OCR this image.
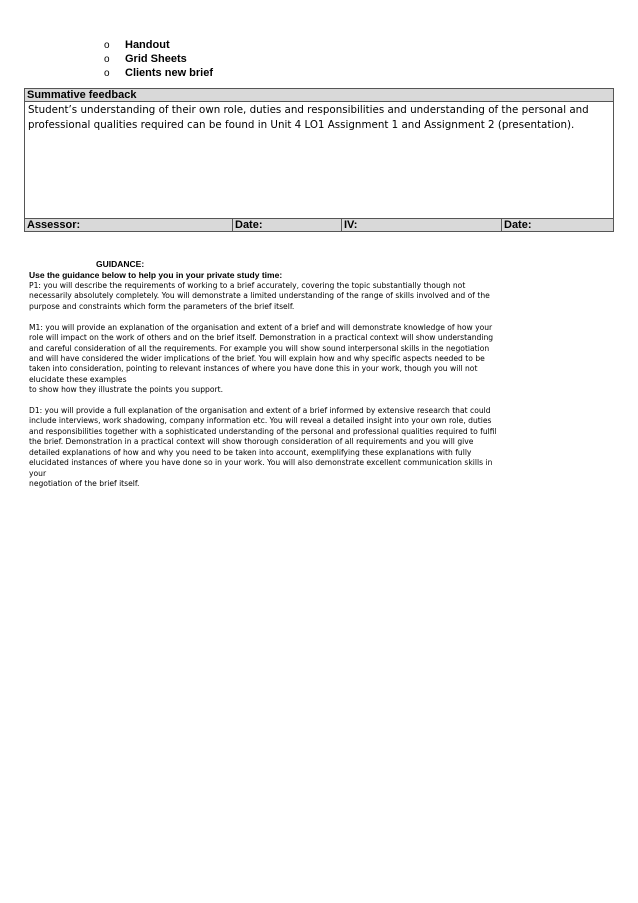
o	Handout
o	Grid Sheets
o	Clients new brief
Summative feedback
Student’s understanding of their own role, duties and responsibilities and understanding of the personal and professional qualities required can be found in Unit 4 LO1 Assignment 1 and Assignment 2 (presentation).
Assessor:	Date:	IV:	Date:
GUIDANCE:
Use the guidance below to help you in your private study time:

P1: you will describe the requirements of working to a brief accurately, covering the topic substantially though not
necessarily absolutely completely. You will demonstrate a limited understanding of the range of skills involved and of the
purpose and constraints which form the parameters of the brief itself.

M1: you will provide an explanation of the organisation and extent of a brief and will demonstrate knowledge of how your
role will impact on the work of others and on the brief itself. Demonstration in a practical context will show understanding
and careful consideration of all the requirements. For example you will show sound interpersonal skills in the negotiation
and will have considered the wider implications of the brief. You will explain how and why specific aspects needed to be
taken into consideration, pointing to relevant instances of where you have done this in your work, though you will not
elucidate these examples
to show how they illustrate the points you support.

D1: you will provide a full explanation of the organisation and extent of a brief informed by extensive research that could
include interviews, work shadowing, company information etc. You will reveal a detailed insight into your own role, duties
and responsibilities together with a sophisticated understanding of the personal and professional qualities required to fulfil
the brief. Demonstration in a practical context will show thorough consideration of all requirements and you will give
detailed explanations of how and why you need to be taken into account, exemplifying these explanations with fully
elucidated instances of where you have done so in your work. You will also demonstrate excellent communication skills in
your
negotiation of the brief itself.
